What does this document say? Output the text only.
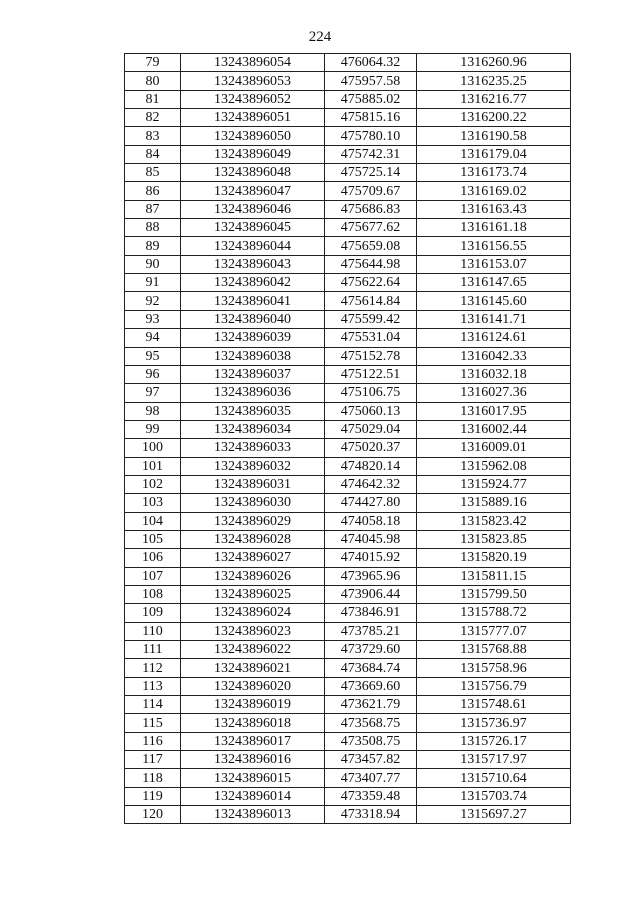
224
79	13243896054	476064.32	1316260.96
80	13243896053	475957.58	1316235.25
81	13243896052	475885.02	1316216.77
82	13243896051	475815.16	1316200.22
83	13243896050	475780.10	1316190.58
84	13243896049	475742.31	1316179.04
85	13243896048	475725.14	1316173.74
86	13243896047	475709.67	1316169.02
87	13243896046	475686.83	1316163.43
88	13243896045	475677.62	1316161.18
89	13243896044	475659.08	1316156.55
90	13243896043	475644.98	1316153.07
91	13243896042	475622.64	1316147.65
92	13243896041	475614.84	1316145.60
93	13243896040	475599.42	1316141.71
94	13243896039	475531.04	1316124.61
95	13243896038	475152.78	1316042.33
96	13243896037	475122.51	1316032.18
97	13243896036	475106.75	1316027.36
98	13243896035	475060.13	1316017.95
99	13243896034	475029.04	1316002.44
100	13243896033	475020.37	1316009.01
101	13243896032	474820.14	1315962.08
102	13243896031	474642.32	1315924.77
103	13243896030	474427.80	1315889.16
104	13243896029	474058.18	1315823.42
105	13243896028	474045.98	1315823.85
106	13243896027	474015.92	1315820.19
107	13243896026	473965.96	1315811.15
108	13243896025	473906.44	1315799.50
109	13243896024	473846.91	1315788.72
110	13243896023	473785.21	1315777.07
111	13243896022	473729.60	1315768.88
112	13243896021	473684.74	1315758.96
113	13243896020	473669.60	1315756.79
114	13243896019	473621.79	1315748.61
115	13243896018	473568.75	1315736.97
116	13243896017	473508.75	1315726.17
117	13243896016	473457.82	1315717.97
118	13243896015	473407.77	1315710.64
119	13243896014	473359.48	1315703.74
120	13243896013	473318.94	1315697.27
